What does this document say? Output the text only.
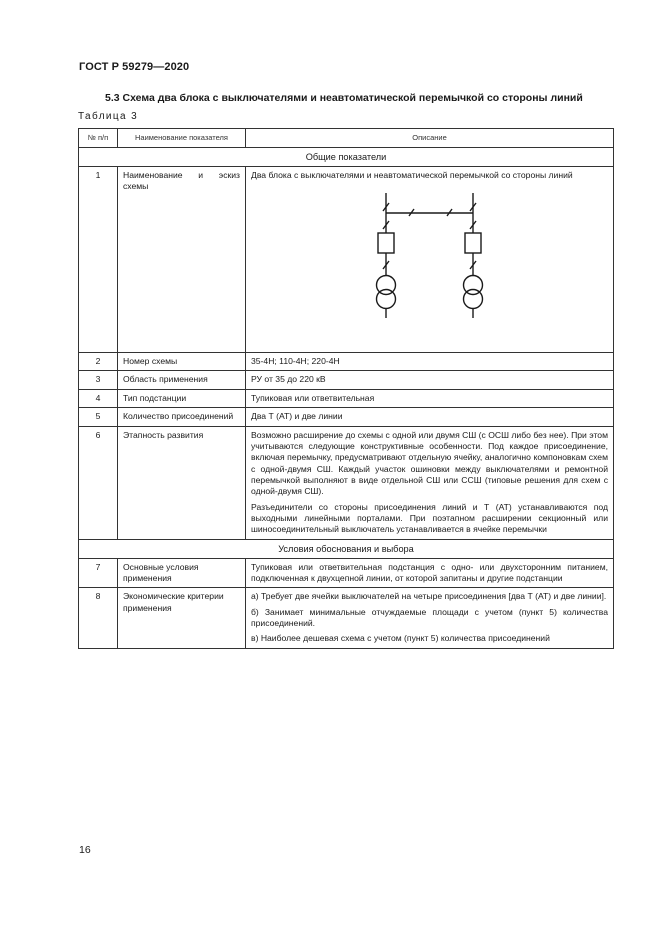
ГОСТ Р 59279—2020
5.3 Схема два блока с выключателями и неавтоматической перемычкой со стороны линий
Таблица 3
№ п/п	Наименование показателя	Описание
Общие показатели		
1	Наименование и эскиз схемы	Два блока с выключателями и неавтоматической перемычкой со стороны линий

2	Номер схемы	35-4Н; 110-4Н; 220-4Н
3	Область применения	РУ от 35 до 220 кВ
4	Тип подстанции	Тупиковая или ответвительная
5	Количество присоединений	Два Т (АТ) и две линии
6	Этапность развития	Возможно расширение до схемы с одной или двумя СШ (с ОСШ либо без нее). При этом учитываются следующие конструктивные особенности. Под каждое присоединение, включая перемычку, предусматривают отдельную ячейку, аналогично компоновкам схем с одной-двумя СШ. Каждый участок ошиновки между выключателями и ремонтной перемычкой выполняют в виде отдельной СШ или ССШ (типовые решения для схем с одной-двумя СШ).
Разъединители со стороны присоединения линий и Т (АТ) устанавливаются под выходными линейными порталами. При поэтапном расширении секционный или шиносоединительный выключатель устанавливается в ячейке перемычки

Условия обоснования и выбора		
7	Основные условия применения	Тупиковая или ответвительная подстанция с одно- или двухсторонним питанием, подключенная к двухцепной линии, от которой запитаны и другие подстанции
8	Экономические критерии применения	а) Требует две ячейки выключателей на четыре присоединения [два Т (АТ) и две линии].
б) Занимает минимальные отчуждаемые площади с учетом (пункт 5) количества присоединений.
в) Наиболее дешевая схема с учетом (пункт 5) количества присоединений
16
